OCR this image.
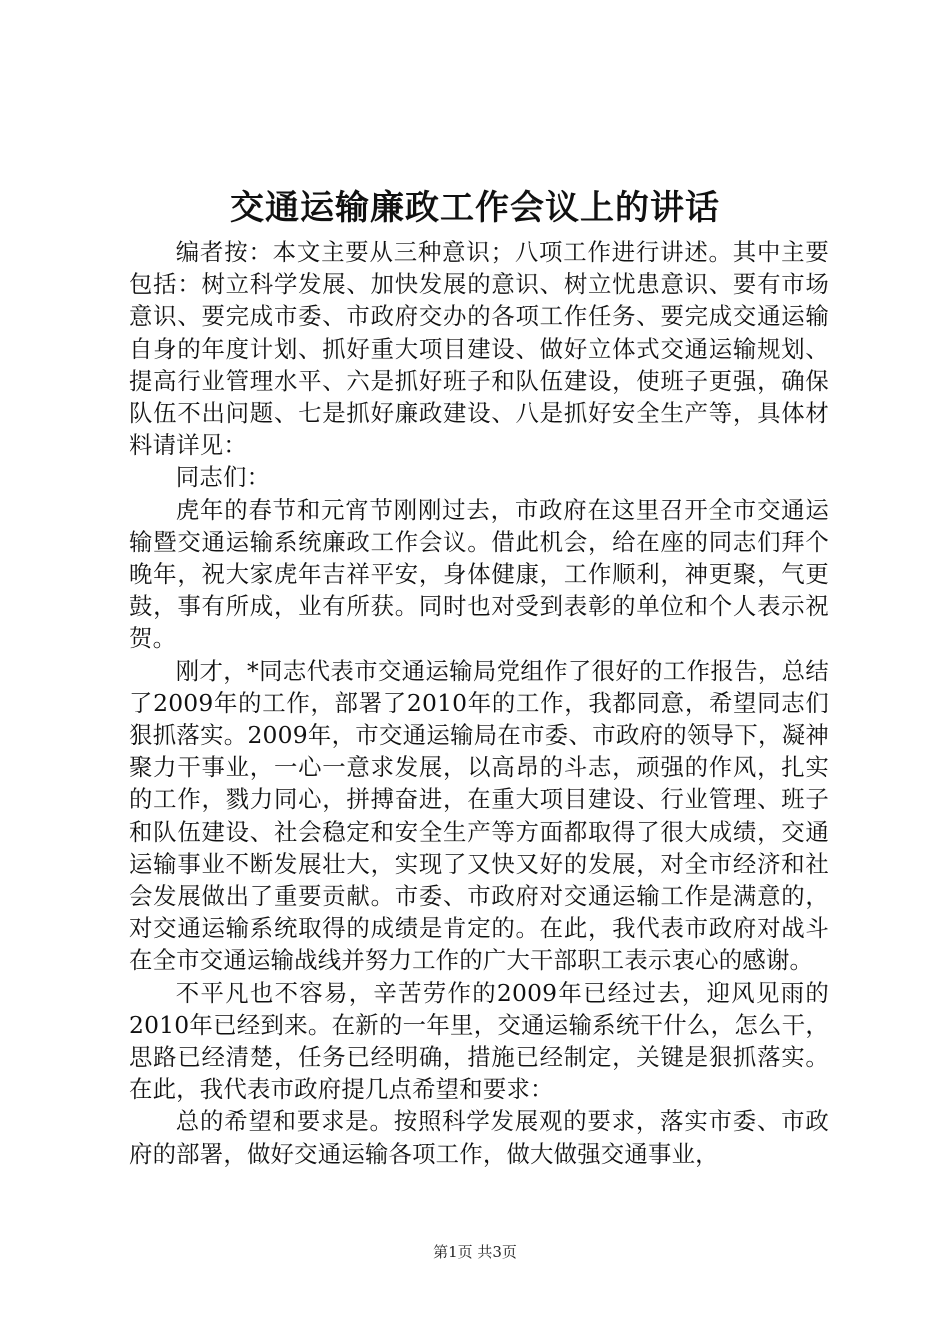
交通运输廉政工作会议上的讲话

编者按：本文主要从三种意识；八项工作进行讲述。其中主要包括：树立科学发展、加快发展的意识、树立忧患意识、要有市场意识、要完成市委、市政府交办的各项工作任务、要完成交通运输自身的年度计划、抓好重大项目建设、做好立体式交通运输规划、提高行业管理水平、六是抓好班子和队伍建设，使班子更强，确保队伍不出问题、七是抓好廉政建设、八是抓好安全生产等，具体材料请详见：

同志们：

虎年的春节和元宵节刚刚过去，市政府在这里召开全市交通运输暨交通运输系统廉政工作会议。借此机会，给在座的同志们拜个晚年，祝大家虎年吉祥平安，身体健康，工作顺利，神更聚，气更鼓，事有所成，业有所获。同时也对受到表彰的单位和个人表示祝贺。

刚才，*同志代表市交通运输局党组作了很好的工作报告，总结了2009年的工作，部署了2010年的工作，我都同意，希望同志们狠抓落实。2009年，市交通运输局在市委、市政府的领导下，凝神聚力干事业，一心一意求发展，以高昂的斗志，顽强的作风，扎实的工作，戮力同心，拼搏奋进，在重大项目建设、行业管理、班子和队伍建设、社会稳定和安全生产等方面都取得了很大成绩，交通运输事业不断发展壮大，实现了又快又好的发展，对全市经济和社会发展做出了重要贡献。市委、市政府对交通运输工作是满意的，对交通运输系统取得的成绩是肯定的。在此，我代表市政府对战斗在全市交通运输战线并努力工作的广大干部职工表示衷心的感谢。

不平凡也不容易，辛苦劳作的2009年已经过去，迎风见雨的2010年已经到来。在新的一年里，交通运输系统干什么，怎么干，思路已经清楚，任务已经明确，措施已经制定，关键是狠抓落实。在此，我代表市政府提几点希望和要求：

总的希望和要求是。按照科学发展观的要求，落实市委、市政府的部署，做好交通运输各项工作，做大做强交通事业，

第1页 共3页
